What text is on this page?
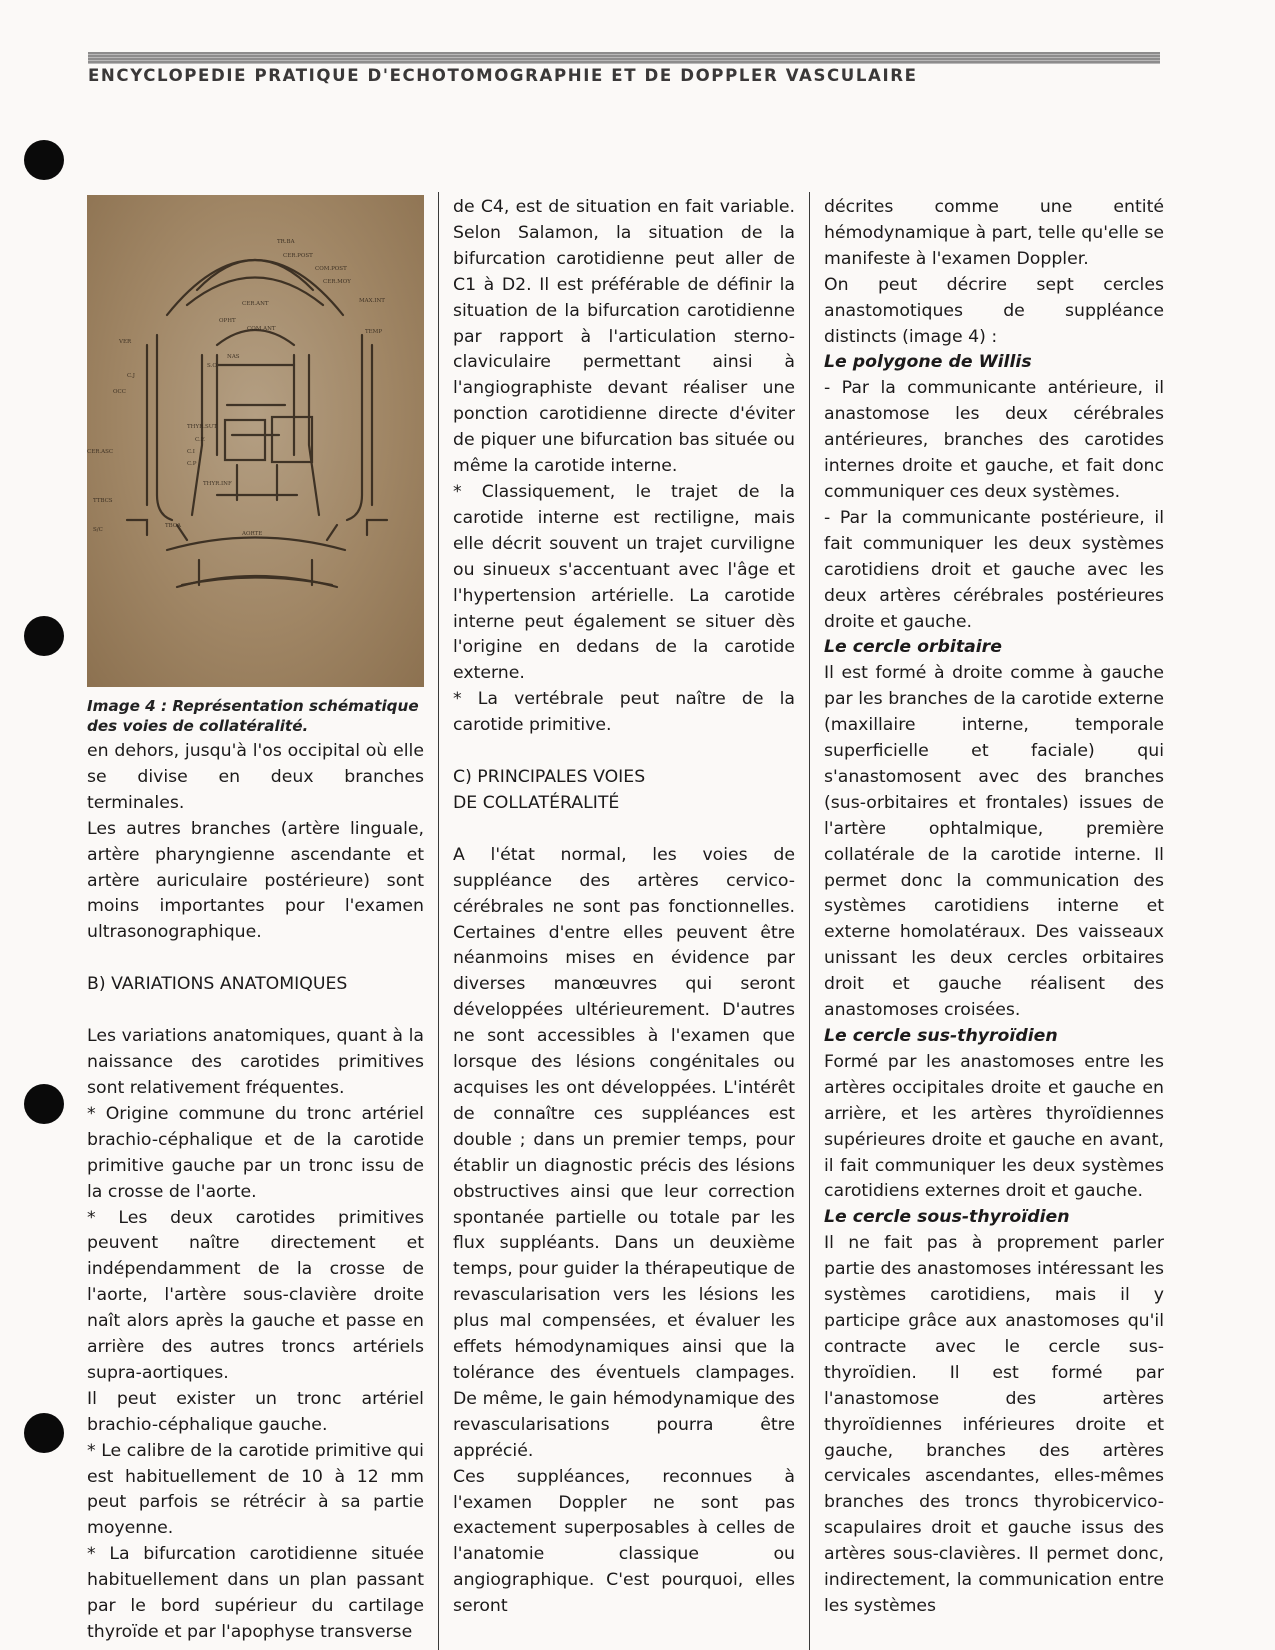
ENCYCLOPEDIE PRATIQUE D'ECHOTOMOGRAPHIE ET DE DOPPLER VASCULAIRE
TR.BA
CER.POST
COM.POST
CER.MOY
MAX.INT
CER.ANT
OPHT
COM.ANT	TEMP
VER
NAS
S.O
C.J
OCC
THYR.SUT
C.E
C.I
C.P
THYR.INF
CER.ASC
TTBCS
S/C
TBCA
AORTE
Image 4 : Représentation schématique des voies de collatéralité.

en dehors, jusqu'à l'os occipital où elle se divise en deux branches terminales.

Les autres branches (artère linguale, artère pharyngienne ascendante et artère auriculaire postérieure) sont moins importantes pour l'examen ultrasonographique.

B) VARIATIONS ANATOMIQUES

Les variations anatomiques, quant à la naissance des carotides primitives sont relativement fréquentes.

* Origine commune du tronc artériel brachio-céphalique et de la carotide primitive gauche par un tronc issu de la crosse de l'aorte.

* Les deux carotides primitives peuvent naître directement et indépendamment de la crosse de l'aorte, l'artère sous-clavière droite naît alors après la gauche et passe en arrière des autres troncs artériels supra-aortiques.

Il peut exister un tronc artériel brachio-céphalique gauche.

* Le calibre de la carotide primitive qui est habituellement de 10 à 12 mm peut parfois se rétrécir à sa partie moyenne.

* La bifurcation carotidienne située habituellement dans un plan passant par le bord supérieur du cartilage thyroïde et par l'apophyse transverse

de C4, est de situation en fait variable. Selon Salamon, la situation de la bifurcation carotidienne peut aller de C1 à D2. Il est préférable de définir la situation de la bifurcation carotidienne par rapport à l'articulation sterno-claviculaire permettant ainsi à l'angiographiste devant réaliser une ponction carotidienne directe d'éviter de piquer une bifurcation bas située ou même la carotide interne.

* Classiquement, le trajet de la carotide interne est rectiligne, mais elle décrit souvent un trajet curviligne ou sinueux s'accentuant avec l'âge et l'hypertension artérielle. La carotide interne peut également se situer dès l'origine en dedans de la carotide externe.

* La vertébrale peut naître de la carotide primitive.

C) PRINCIPALES VOIES

DE COLLATÉRALITÉ

A l'état normal, les voies de suppléance des artères cervico-cérébrales ne sont pas fonctionnelles. Certaines d'entre elles peuvent être néanmoins mises en évidence par diverses manœuvres qui seront développées ultérieurement. D'autres ne sont accessibles à l'examen que lorsque des lésions congénitales ou acquises les ont développées. L'intérêt de connaître ces suppléances est double ; dans un premier temps, pour établir un diagnostic précis des lésions obstructives ainsi que leur correction spontanée partielle ou totale par les flux suppléants. Dans un deuxième temps, pour guider la thérapeutique de revascularisation vers les lésions les plus mal compensées, et évaluer les effets hémodynamiques ainsi que la tolérance des éventuels clampages. De même, le gain hémodynamique des revascularisations pourra être apprécié.

Ces suppléances, reconnues à l'examen Doppler ne sont pas exactement superposables à celles de l'anatomie classique ou angiographique. C'est pourquoi, elles seront

décrites comme une entité hémodynamique à part, telle qu'elle se manifeste à l'examen Doppler.

On peut décrire sept cercles anastomotiques de suppléance distincts (image 4) :

Le polygone de Willis

- Par la communicante antérieure, il anastomose les deux cérébrales antérieures, branches des carotides internes droite et gauche, et fait donc communiquer ces deux systèmes.

- Par la communicante postérieure, il fait communiquer les deux systèmes carotidiens droit et gauche avec les deux artères cérébrales postérieures droite et gauche.

Le cercle orbitaire

Il est formé à droite comme à gauche par les branches de la carotide externe (maxillaire interne, temporale superficielle et faciale) qui s'anastomosent avec des branches (sus-orbitaires et frontales) issues de l'artère ophtalmique, première collatérale de la carotide interne. Il permet donc la communication des systèmes carotidiens interne et externe homolatéraux. Des vaisseaux unissant les deux cercles orbitaires droit et gauche réalisent des anastomoses croisées.

Le cercle sus-thyroïdien

Formé par les anastomoses entre les artères occipitales droite et gauche en arrière, et les artères thyroïdiennes supérieures droite et gauche en avant, il fait communiquer les deux systèmes carotidiens externes droit et gauche.

Le cercle sous-thyroïdien

Il ne fait pas à proprement parler partie des anastomoses intéressant les systèmes carotidiens, mais il y participe grâce aux anastomoses qu'il contracte avec le cercle sus-thyroïdien. Il est formé par l'anastomose des artères thyroïdiennes inférieures droite et gauche, branches des artères cervicales ascendantes, elles-mêmes branches des troncs thyrobicervico-scapulaires droit et gauche issus des artères sous-clavières. Il permet donc, indirectement, la communication entre les systèmes
